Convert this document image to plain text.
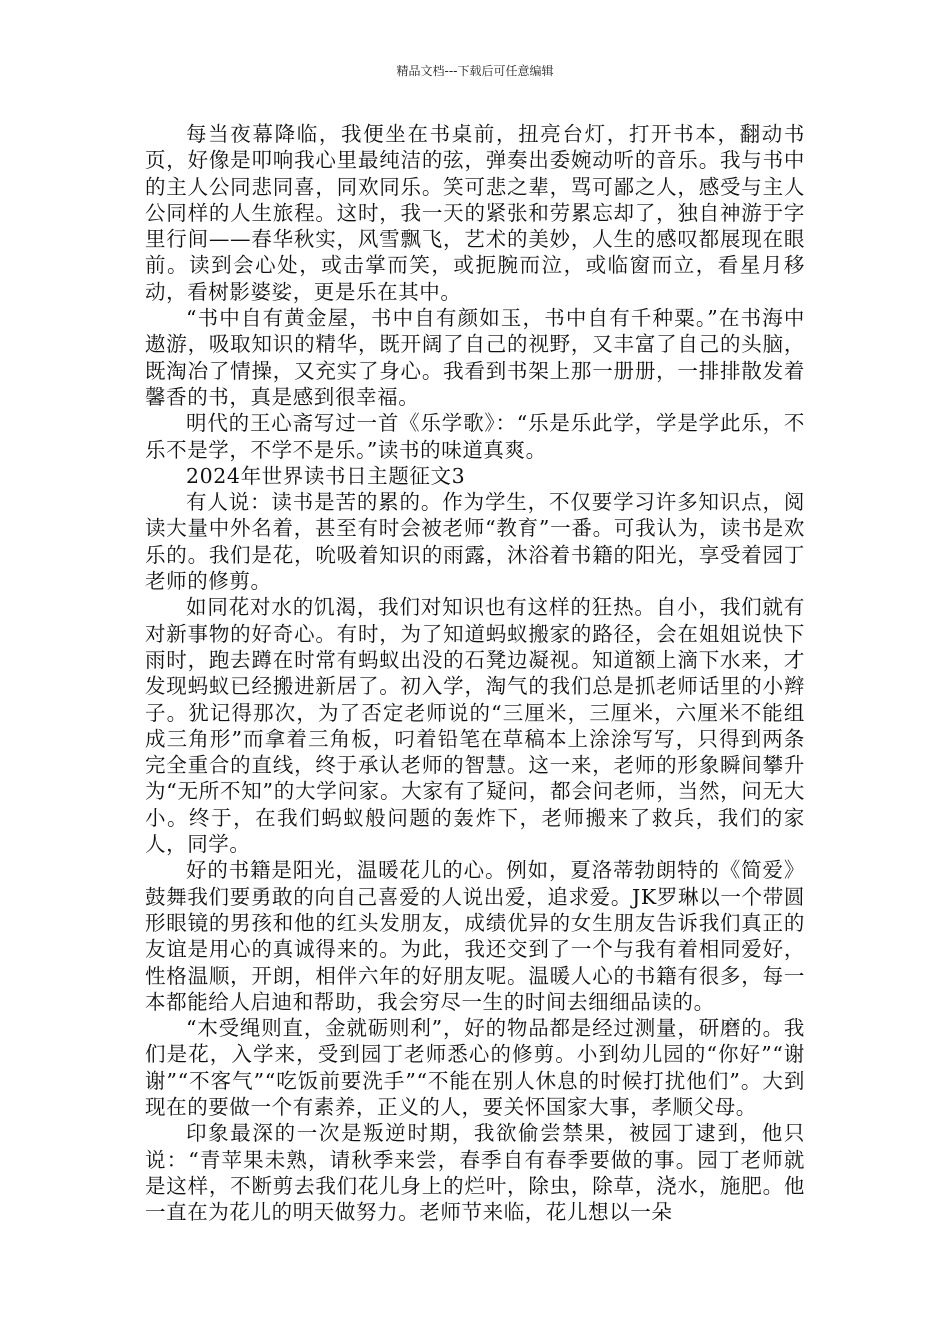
精品文档---下载后可任意编辑

每当夜幕降临，我便坐在书桌前，扭亮台灯，打开书本，翻动书页，好像是叩响我心里最纯洁的弦，弹奏出委婉动听的音乐。我与书中的主人公同悲同喜，同欢同乐。笑可悲之辈，骂可鄙之人，感受与主人公同样的人生旅程。这时，我一天的紧张和劳累忘却了，独自神游于字里行间——春华秋实，风雪飘飞，艺术的美妙，人生的感叹都展现在眼前。读到会心处，或击掌而笑，或扼腕而泣，或临窗而立，看星月移动，看树影婆娑，更是乐在其中。

“书中自有黄金屋，书中自有颜如玉，书中自有千种粟。”在书海中遨游，吸取知识的精华，既开阔了自己的视野，又丰富了自己的头脑，既淘冶了情操，又充实了身心。我看到书架上那一册册，一排排散发着馨香的书，真是感到很幸福。

明代的王心斋写过一首《乐学歌》：“乐是乐此学，学是学此乐，不乐不是学，不学不是乐。”读书的味道真爽。

2024年世界读书日主题征文3

有人说：读书是苦的累的。作为学生，不仅要学习许多知识点，阅读大量中外名着，甚至有时会被老师“教育”一番。可我认为，读书是欢乐的。我们是花，吮吸着知识的雨露，沐浴着书籍的阳光，享受着园丁老师的修剪。

如同花对水的饥渴，我们对知识也有这样的狂热。自小，我们就有对新事物的好奇心。有时，为了知道蚂蚁搬家的路径，会在姐姐说快下雨时，跑去蹲在时常有蚂蚁出没的石凳边凝视。知道额上滴下水来，才发现蚂蚁已经搬进新居了。初入学，淘气的我们总是抓老师话里的小辫子。犹记得那次，为了否定老师说的“三厘米，三厘米，六厘米不能组成三角形”而拿着三角板，叼着铅笔在草稿本上涂涂写写，只得到两条完全重合的直线，终于承认老师的智慧。这一来，老师的形象瞬间攀升为“无所不知”的大学问家。大家有了疑问，都会问老师，当然，问无大小。终于，在我们蚂蚁般问题的轰炸下，老师搬来了救兵，我们的家人，同学。

好的书籍是阳光，温暖花儿的心。例如，夏洛蒂勃朗特的《简爱》鼓舞我们要勇敢的向自己喜爱的人说出爱，追求爱。JK罗琳以一个带圆形眼镜的男孩和他的红头发朋友，成绩优异的女生朋友告诉我们真正的友谊是用心的真诚得来的。为此，我还交到了一个与我有着相同爱好，性格温顺，开朗，相伴六年的好朋友呢。温暖人心的书籍有很多，每一本都能给人启迪和帮助，我会穷尽一生的时间去细细品读的。

“木受绳则直，金就砺则利”，好的物品都是经过测量，研磨的。我们是花，入学来，受到园丁老师悉心的修剪。小到幼儿园的“你好”“谢谢”“不客气”“吃饭前要洗手”“不能在别人休息的时候打扰他们”。大到现在的要做一个有素养，正义的人，要关怀国家大事，孝顺父母。

印象最深的一次是叛逆时期，我欲偷尝禁果，被园丁逮到，他只说：“青苹果未熟，请秋季来尝，春季自有春季要做的事。园丁老师就是这样，不断剪去我们花儿身上的烂叶，除虫，除草，浇水，施肥。他一直在为花儿的明天做努力。老师节来临，花儿想以一朵
